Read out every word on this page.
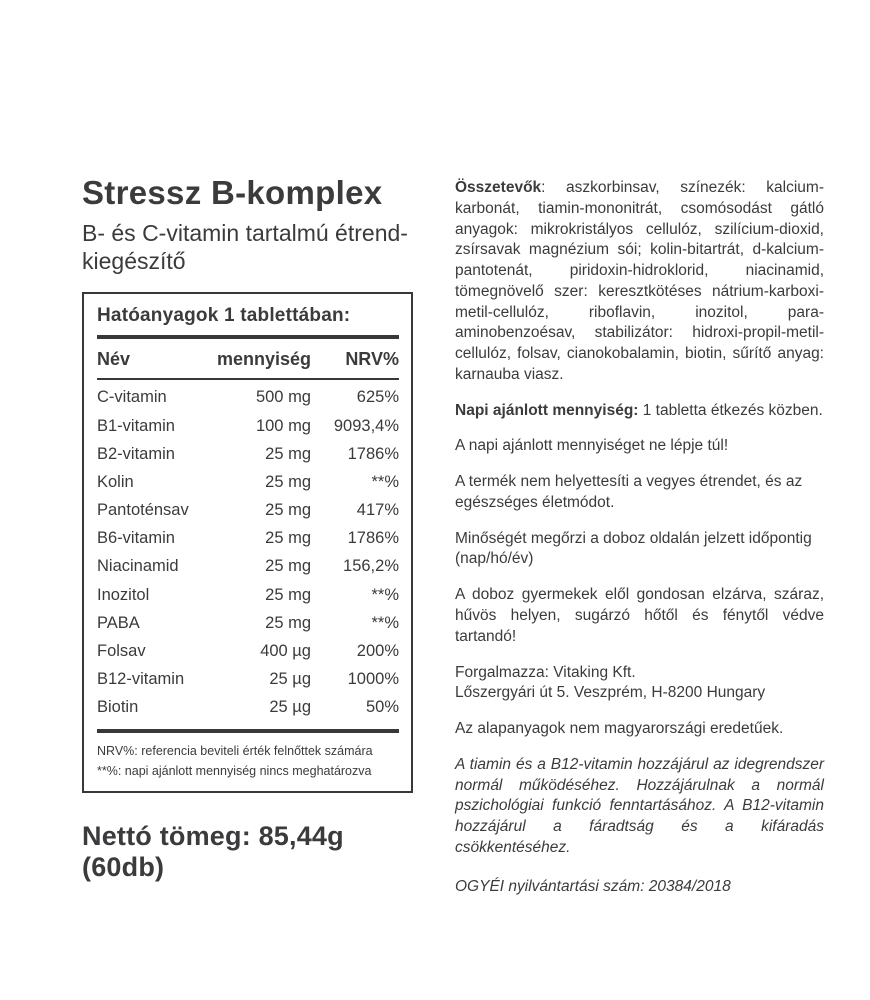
Stressz B-komplex
B- és C-vitamin tartalmú étrend-kiegészítő
Hatóanyagok 1 tablettában:
Név	mennyiség	NRV%
C-vitamin	500 mg	625%
B1-vitamin	100 mg	9093,4%
B2-vitamin	25 mg	1786%
Kolin	25 mg	**%
Pantoténsav	25 mg	417%
B6-vitamin	25 mg	1786%
Niacinamid	25 mg	156,2%
Inozitol	25 mg	**%
PABA	25 mg	**%
Folsav	400 µg	200%
B12-vitamin	25 µg	1000%
Biotin	25 µg	50%
NRV%: referencia beviteli érték felnőttek számára
**%: napi ajánlott mennyiség nincs meghatározva
Nettó tömeg: 85,44g (60db)

Összetevők: aszkorbinsav, színezék: kalcium-karbonát, tiamin-mononitrát, csomósodást gátló anyagok: mikrokristályos cellulóz, szilícium-dioxid, zsírsavak magnézium sói; kolin-bitartrát, d-kalcium-pantotenát, piridoxin-hidroklorid, niacinamid, tömegnövelő szer: keresztkötéses nátrium-karboxi-metil-cellulóz, riboflavin, inozitol, para-aminobenzoésav, stabilizátor: hidroxi-propil-metil-cellulóz, folsav, cianokobalamin, biotin, sűrítő anyag: karnauba viasz.

Napi ajánlott mennyiség: 1 tabletta étkezés közben.

A napi ajánlott mennyiséget ne lépje túl!

A termék nem helyettesíti a vegyes étrendet, és az egészséges életmódot.

Minőségét megőrzi a doboz oldalán jelzett időpontig (nap/hó/év)

A doboz gyermekek elől gondosan elzárva, száraz, hűvös helyen, sugárzó hőtől és fénytől védve tartandó!

Forgalmazza: Vitaking Kft.
Lőszergyári út 5. Veszprém, H-8200 Hungary

Az alapanyagok nem magyarországi eredetűek.

A tiamin és a B12-vitamin hozzájárul az idegrendszer normál működéséhez. Hozzájárulnak a normál pszichológiai funkció fenntartásához. A B12-vitamin hozzájárul a fáradtság és a kifáradás csökkentéséhez.

OGYÉI nyilvántartási szám: 20384/2018
